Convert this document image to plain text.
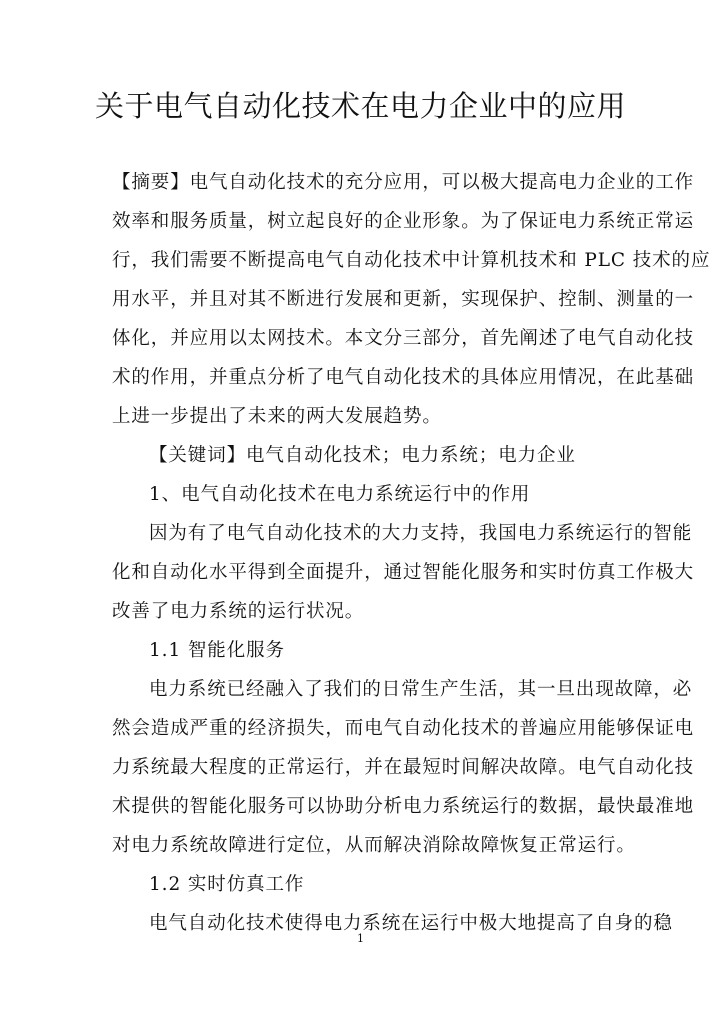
关于电气自动化技术在电力企业中的应用
【摘要】电气自动化技术的充分应用，可以极大提高电力企业的工作
效率和服务质量，树立起良好的企业形象。为了保证电力系统正常运
行，我们需要不断提高电气自动化技术中计算机技术和 PLC 技术的应
用水平，并且对其不断进行发展和更新，实现保护、控制、测量的一
体化，并应用以太网技术。本文分三部分，首先阐述了电气自动化技
术的作用，并重点分析了电气自动化技术的具体应用情况，在此基础
上进一步提出了未来的两大发展趋势。
【关键词】电气自动化技术；电力系统；电力企业
1、电气自动化技术在电力系统运行中的作用
因为有了电气自动化技术的大力支持，我国电力系统运行的智能
化和自动化水平得到全面提升，通过智能化服务和实时仿真工作极大
改善了电力系统的运行状况。
1.1 智能化服务
电力系统已经融入了我们的日常生产生活，其一旦出现故障，必
然会造成严重的经济损失，而电气自动化技术的普遍应用能够保证电
力系统最大程度的正常运行，并在最短时间解决故障。电气自动化技
术提供的智能化服务可以协助分析电力系统运行的数据，最快最准地
对电力系统故障进行定位，从而解决消除故障恢复正常运行。
1.2 实时仿真工作
电气自动化技术使得电力系统在运行中极大地提高了自身的稳
1
